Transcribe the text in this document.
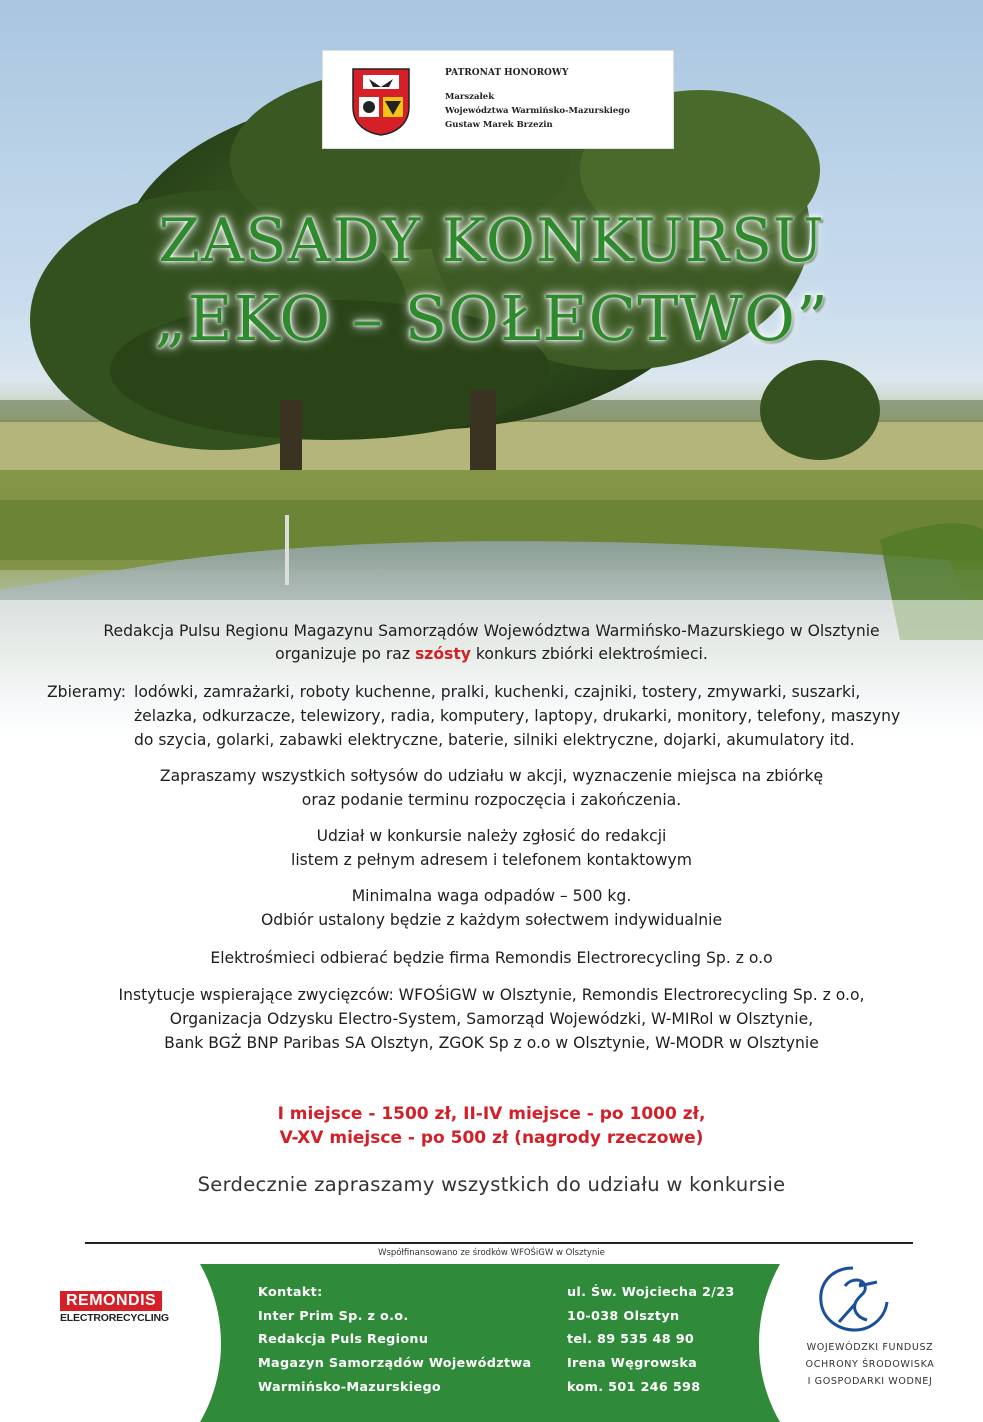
PATRONAT HONOROWY
Marszałek
Województwa Warmińsko-Mazurskiego
Gustaw Marek Brzezin
ZASADY KONKURSU
„EKO – SOŁECTWO”
Redakcja Pulsu Regionu Magazynu Samorządów Województwa Warmińsko-Mazurskiego w Olsztynie
organizuje po raz szósty konkurs zbiórki elektrośmieci.
Zbieramy: lodówki, zamrażarki, roboty kuchenne, pralki, kuchenki, czajniki, tostery, zmywarki, suszarki,
żelazka, odkurzacze, telewizory, radia, komputery, laptopy, drukarki, monitory, telefony, maszyny
do szycia, golarki, zabawki elektryczne, baterie, silniki elektryczne, dojarki, akumulatory itd.
Zapraszamy wszystkich sołtysów do udziału w akcji, wyznaczenie miejsca na zbiórkę
oraz podanie terminu rozpoczęcia i zakończenia.
Udział w konkursie należy zgłosić do redakcji
listem z pełnym adresem i telefonem kontaktowym
Minimalna waga odpadów – 500 kg.
Odbiór ustalony będzie z każdym sołectwem indywidualnie
Elektrośmieci odbierać będzie firma Remondis Electrorecycling Sp. z o.o
Instytucje wspierające zwycięzców: WFOŚiGW w Olsztynie, Remondis Electrorecycling Sp. z o.o,
Organizacja Odzysku Electro-System, Samorząd Wojewódzki, W-MIRol w Olsztynie,
Bank BGŻ BNP Paribas SA Olsztyn, ZGOK Sp z o.o w Olsztynie, W-MODR w Olsztynie
I miejsce - 1500 zł, II-IV miejsce - po 1000 zł,
V-XV miejsce - po 500 zł (nagrody rzeczowe)
Serdecznie zapraszamy wszystkich do udziału w konkursie
Współfinansowano ze środków WFOŚiGW w Olsztynie
REMONDIS
ELECTRORECYCLING
Kontakt:
Inter Prim Sp. z o.o.
Redakcja Puls Regionu
Magazyn Samorządów Województwa
Warmińsko-Mazurskiego
ul. Św. Wojciecha 2/23
10-038 Olsztyn
tel. 89 535 48 90
Irena Węgrowska
kom. 501 246 598
WOJEWÓDZKI FUNDUSZ
OCHRONY ŚRODOWISKA
I GOSPODARKI WODNEJ
